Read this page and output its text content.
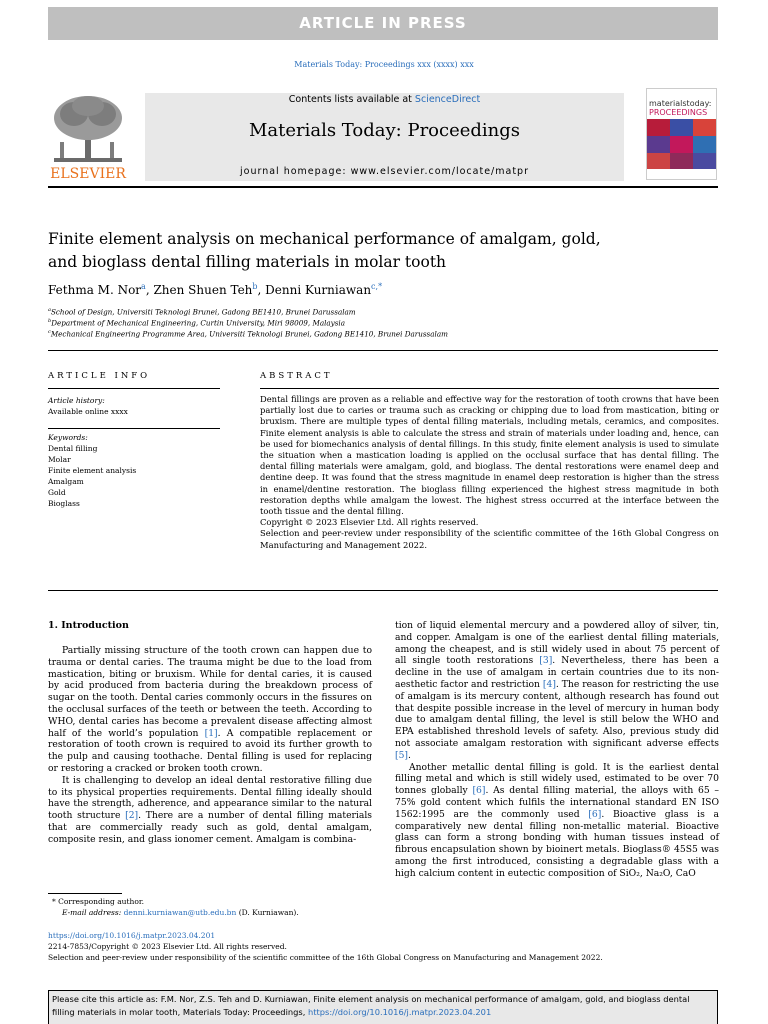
ARTICLE IN PRESS
Materials Today: Proceedings xxx (xxxx) xxx
ELSEVIER
Contents lists available at ScienceDirect
Materials Today: Proceedings
journal homepage: www.elsevier.com/locate/matpr
materialstoday:
PROCEEDINGS
Finite element analysis on mechanical performance of amalgam, gold,
and bioglass dental filling materials in molar tooth
Fethma M. Nor$^a$, Zhen Shuen Teh$^b$, Denni Kurniawan$^{c,*}$
$^a$School of Design, Universiti Teknologi Brunei, Gadong BE1410, Brunei Darussalam
$^b$Department of Mechanical Engineering, Curtin University, Miri 98009, Malaysia
$^c$Mechanical Engineering Programme Area, Universiti Teknologi Brunei, Gadong BE1410, Brunei Darussalam
ARTICLE INFO
Article history:
Available online xxxx
Keywords:
Dental filling
Molar
Finite element analysis
Amalgam
Gold
Bioglass
ABSTRACT

Dental fillings are proven as a reliable and effective way for the restoration of tooth crowns that have been partially lost due to caries or trauma such as cracking or chipping due to load from mastication, biting or bruxism. There are multiple types of dental filling materials, including metals, ceramics, and composites. Finite element analysis is able to calculate the stress and strain of materials under loading and, hence, can be used for biomechanics analysis of dental fillings. In this study, finite element analysis is used to simulate the situation when a mastication loading is applied on the occlusal surface that has dental filling. The dental filling materials were amalgam, gold, and bioglass. The dental restorations were enamel deep and dentine deep. It was found that the stress magnitude in enamel deep restoration is higher than the stress in enamel/dentine restoration. The bioglass filling experienced the highest stress magnitude in both restoration depths while amalgam the lowest. The highest stress occurred at the interface between the tooth tissue and the dental filling.

Copyright © 2023 Elsevier Ltd. All rights reserved.

Selection and peer-review under responsibility of the scientific committee of the 16th Global Congress on Manufacturing and Management 2022.

1. Introduction

Partially missing structure of the tooth crown can happen due to trauma or dental caries. The trauma might be due to the load from mastication, biting or bruxism. While for dental caries, it is caused by acid produced from bacteria during the breakdown process of sugar on the tooth. Dental caries commonly occurs in the fissures on the occlusal surfaces of the teeth or between the teeth. According to WHO, dental caries has become a prevalent disease affecting almost half of the world’s population [1]. A compatible replacement or restoration of tooth crown is required to avoid its further growth to the pulp and causing toothache. Dental filling is used for replacing or restoring a cracked or broken tooth crown.

It is challenging to develop an ideal dental restorative filling due to its physical properties requirements. Dental filling ideally should have the strength, adherence, and appearance similar to the natural tooth structure [2]. There are a number of dental filling materials that are commercially ready such as gold, dental amalgam, composite resin, and glass ionomer cement. Amalgam is combina-

tion of liquid elemental mercury and a powdered alloy of silver, tin, and copper. Amalgam is one of the earliest dental filling materials, among the cheapest, and is still widely used in about 75 percent of all single tooth restorations [3]. Nevertheless, there has been a decline in the use of amalgam in certain countries due to its non-aesthetic factor and restriction [4]. The reason for restricting the use of amalgam is its mercury content, although research has found out that despite possible increase in the level of mercury in human body due to amalgam dental filling, the level is still below the WHO and EPA established threshold levels of safety. Also, previous study did not associate amalgam restoration with significant adverse effects [5].

Another metallic dental filling is gold. It is the earliest dental filling metal and which is still widely used, estimated to be over 70 tonnes globally [6]. As dental filling material, the alloys with 65 – 75% gold content which fulfils the international standard EN ISO 1562:1995 are the commonly used [6]. Bioactive glass is a comparatively new dental filling non-metallic material. Bioactive glass can form a strong bonding with human tissues instead of fibrous encapsulation shown by bioinert metals. Bioglass® 45S5 was among the first introduced, consisting a degradable glass with a high calcium content in eutectic composition of SiO₂, Na₂O, CaO

* Corresponding author.
E-mail address: denni.kurniawan@utb.edu.bn (D. Kurniawan).
https://doi.org/10.1016/j.matpr.2023.04.201
2214-7853/Copyright © 2023 Elsevier Ltd. All rights reserved.
Selection and peer-review under responsibility of the scientific committee of the 16th Global Congress on Manufacturing and Management 2022.
Please cite this article as: F.M. Nor, Z.S. Teh and D. Kurniawan, Finite element analysis on mechanical performance of amalgam, gold, and bioglass dental filling materials in molar tooth, Materials Today: Proceedings, https://doi.org/10.1016/j.matpr.2023.04.201
